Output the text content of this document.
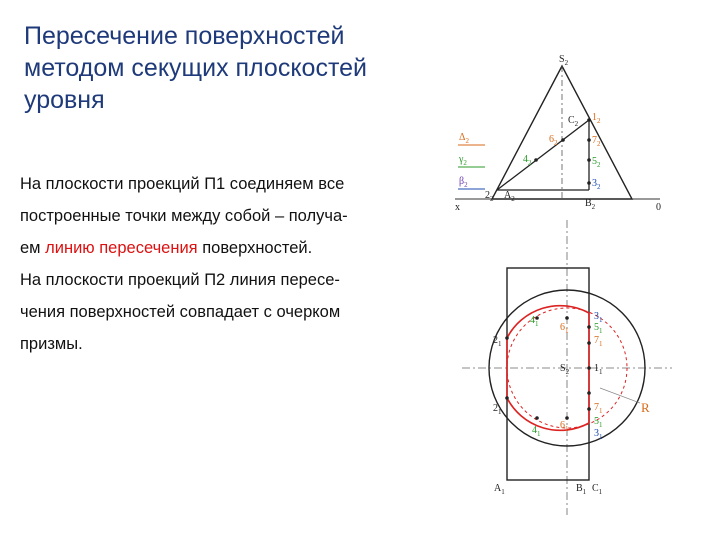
Пересечение поверхностей
методом секущих плоскостей
уровня
На плоскости проекций П1 соединяем все
построенные точки между собой – получа-
ем линию пересечения поверхностей.
На плоскости проекций П2 линия пересе-
чения поверхностей совпадает с очерком
призмы.
$S_2$
$C_2$
$1_2$
$6_2$	$7_2$
$4_2$	$5_2$
$3_2$
$2_2$ $A_2$	$B_2$
$\Delta_2$
$\gamma_2$
$\beta_2$
x	0
$3_1$
$5_1$
$7_1$
$1_1$
$7_1$
$5_1$
$3_1$
$6_1$
$6_1$
$4_1$
$4_1$
$2_1$
$2_1$
$S_2$
$A_1$	$B_1$ $C_1$
R
